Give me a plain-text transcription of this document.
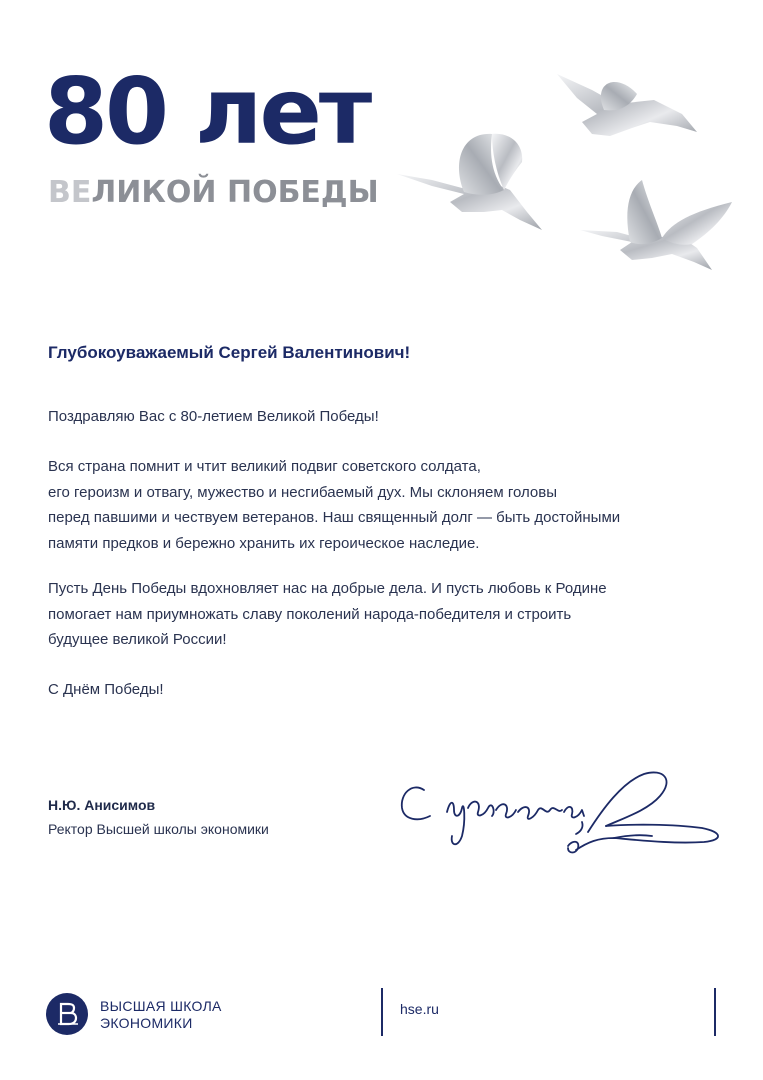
80 лет
ВЕЛИКОЙ ПОБЕДЫ
Глубокоуважаемый Сергей Валентинович!

Поздравляю Вас с 80-летием Великой Победы!

Вся страна помнит и чтит великий подвиг советского солдата,
его героизм и отвагу, мужество и несгибаемый дух. Мы склоняем головы
перед павшими и чествуем ветеранов. Наш священный долг — быть достойными
памяти предков и бережно хранить их героическое наследие.

Пусть День Победы вдохновляет нас на добрые дела. И пусть любовь к Родине
помогает нам приумножать славу поколений народа-победителя и строить
будущее великой России!

С Днём Победы!

Н.Ю. Анисимов
Ректор Высшей школы экономики
ВЫСШАЯ ШКОЛА
ЭКОНОМИКИ
hse.ru
